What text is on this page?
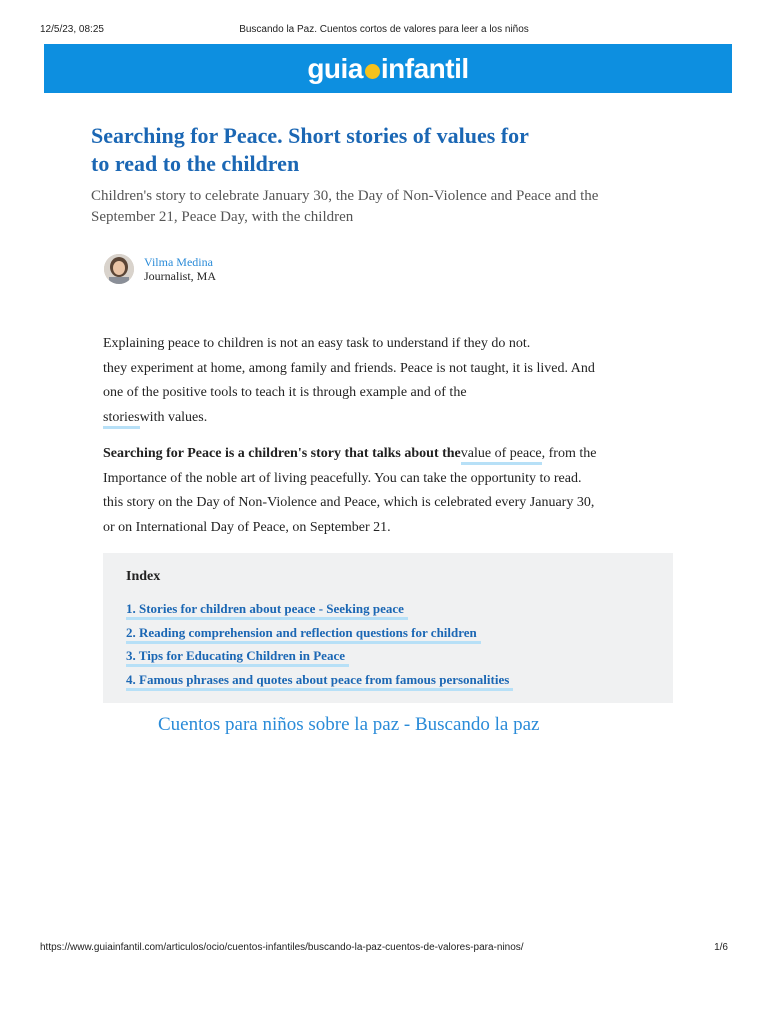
12/5/23, 08:25	Buscando la Paz. Cuentos cortos de valores para leer a los niños
guia infantil
Searching for Peace. Short stories of values for
to read to the children

Children's story to celebrate January 30, the Day of Non-Violence and Peace and the
September 21, Peace Day, with the children

Vilma Medina
Journalist, MA

Explaining peace to children is not an easy task to understand if they do not.
they experiment at home, among family and friends. Peace is not taught, it is lived. And
one of the positive tools to teach it is through example and of the
storieswith values.

Searching for Peace is a children's story that talks about thevalue of peace, from the
Importance of the noble art of living peacefully. You can take the opportunity to read.
this story on the Day of Non-Violence and Peace, which is celebrated every January 30,
or on International Day of Peace, on September 21.

Index
1. Stories for children about peace - Seeking peace
2. Reading comprehension and reflection questions for children
3. Tips for Educating Children in Peace
4. Famous phrases and quotes about peace from famous personalities
Cuentos para niños sobre la paz - Buscando la paz
https://www.guiainfantil.com/articulos/ocio/cuentos-infantiles/buscando-la-paz-cuentos-de-valores-para-ninos/	1/6
